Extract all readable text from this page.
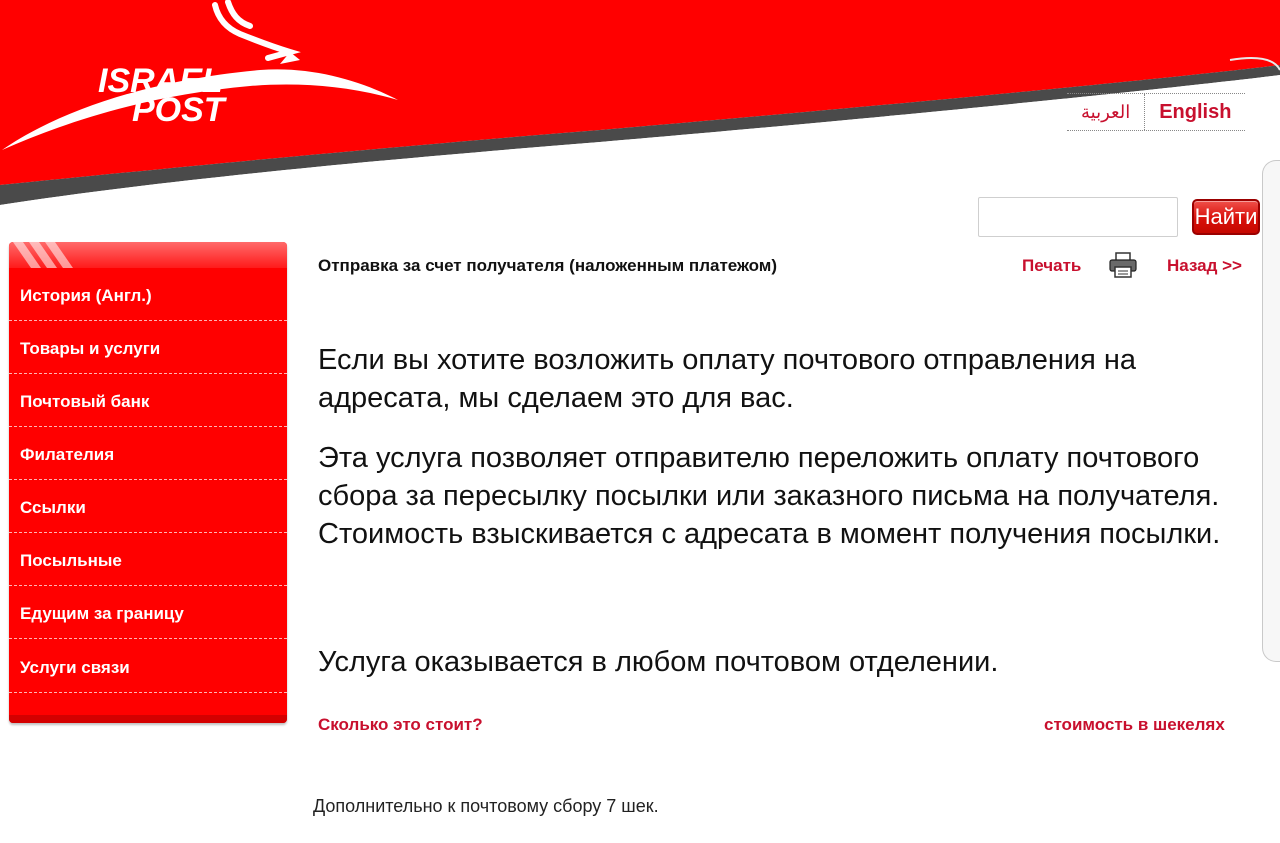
ISRAEL
POST	العربية	English
Найти
История (Англ.)
Товары и услуги
Почтовый банк
Филателия
Ссылки
Посыльные
Едущим за границу
Услуги связи
Отправка за счет получателя (наложенным платежом)	Печать	Назад >>

Если вы хотите возложить оплату почтового отправления на адресата, мы сделаем это для вас.

Эта услуга позволяет отправителю переложить оплату почтового сбора за пересылку посылки или заказного письма на получателя. Стоимость взыскивается с адресата в момент получения посылки.

Услуга оказывается в любом почтовом отделении.

Сколько это стоит?	стоимость в шекелях
Дополнительно к почтовому сбору 7 шек.
